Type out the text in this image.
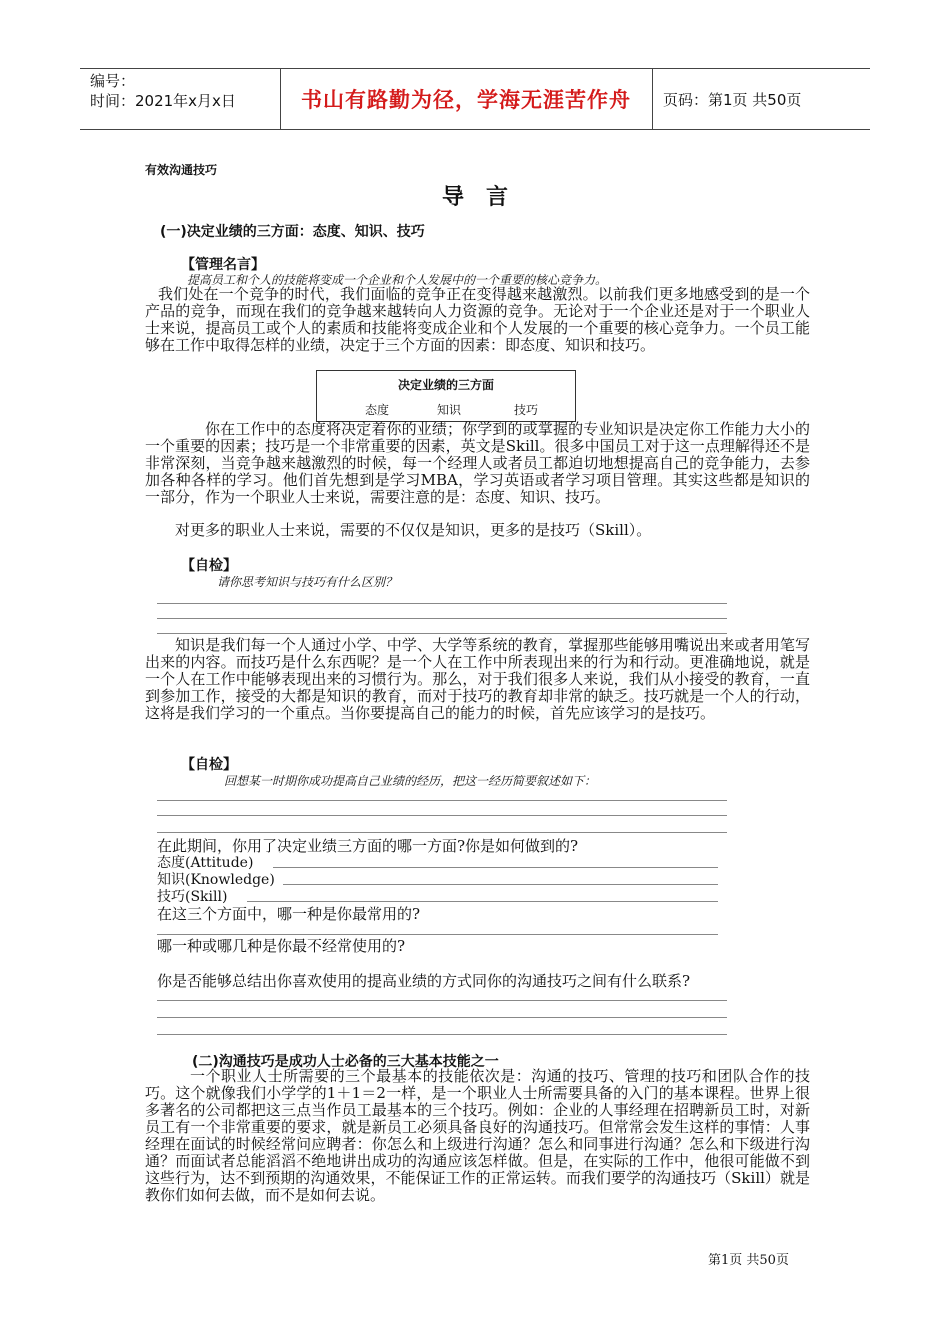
编号：
时间：2021年x月x日	书山有路勤为径，学海无涯苦作舟	页码：第1页 共50页
有效沟通技巧
导　言
(一)决定业绩的三方面：态度、知识、技巧
【管理名言】
提高员工和个人的技能将变成一个企业和个人发展中的一个重要的核心竞争力。
我们处在一个竞争的时代，我们面临的竞争正在变得越来越激烈。以前我们更多地感受到的是一个产品的竞争，而现在我们的竞争越来越转向人力资源的竞争。无论对于一个企业还是对于一个职业人士来说，提高员工或个人的素质和技能将变成企业和个人发展的一个重要的核心竞争力。一个员工能够在工作中取得怎样的业绩，决定于三个方面的因素：即态度、知识和技巧。
决定业绩的三方面
态度	知识	技巧
你在工作中的态度将决定着你的业绩；你学到的或掌握的专业知识是决定你工作能力大小的一个重要的因素；技巧是一个非常重要的因素，英文是Skill。很多中国员工对于这一点理解得还不是非常深刻，当竞争越来越激烈的时候，每一个经理人或者员工都迫切地想提高自己的竞争能力，去参加各种各样的学习。他们首先想到是学习MBA，学习英语或者学习项目管理。其实这些都是知识的一部分，作为一个职业人士来说，需要注意的是：态度、知识、技巧。
对更多的职业人士来说，需要的不仅仅是知识，更多的是技巧（Skill）。
【自检】
请你思考知识与技巧有什么区别？
知识是我们每一个人通过小学、中学、大学等系统的教育，掌握那些能够用嘴说出来或者用笔写出来的内容。而技巧是什么东西呢？是一个人在工作中所表现出来的行为和行动。更准确地说，就是一个人在工作中能够表现出来的习惯行为。那么，对于我们很多人来说，我们从小接受的教育，一直到参加工作，接受的大都是知识的教育，而对于技巧的教育却非常的缺乏。技巧就是一个人的行动，这将是我们学习的一个重点。当你要提高自己的能力的时候，首先应该学习的是技巧。
【自检】
回想某一时期你成功提高自己业绩的经历，把这一经历简要叙述如下：
在此期间，你用了决定业绩三方面的哪一方面?你是如何做到的?
态度(Attitude)
知识(Knowledge)
技巧(Skill)
在这三个方面中，哪一种是你最常用的?
哪一种或哪几种是你最不经常使用的?
你是否能够总结出你喜欢使用的提高业绩的方式同你的沟通技巧之间有什么联系?
(二)沟通技巧是成功人士必备的三大基本技能之一
一个职业人士所需要的三个最基本的技能依次是：沟通的技巧、管理的技巧和团队合作的技巧。这个就像我们小学学的1＋1＝2一样，是一个职业人士所需要具备的入门的基本课程。世界上很多著名的公司都把这三点当作员工最基本的三个技巧。例如：企业的人事经理在招聘新员工时，对新员工有一个非常重要的要求，就是新员工必须具备良好的沟通技巧。但常常会发生这样的事情：人事经理在面试的时候经常问应聘者：你怎么和上级进行沟通？怎么和同事进行沟通？怎么和下级进行沟通？而面试者总能滔滔不绝地讲出成功的沟通应该怎样做。但是，在实际的工作中，他很可能做不到这些行为，达不到预期的沟通效果，不能保证工作的正常运转。而我们要学的沟通技巧（Skill）就是教你们如何去做，而不是如何去说。
第1页 共50页
